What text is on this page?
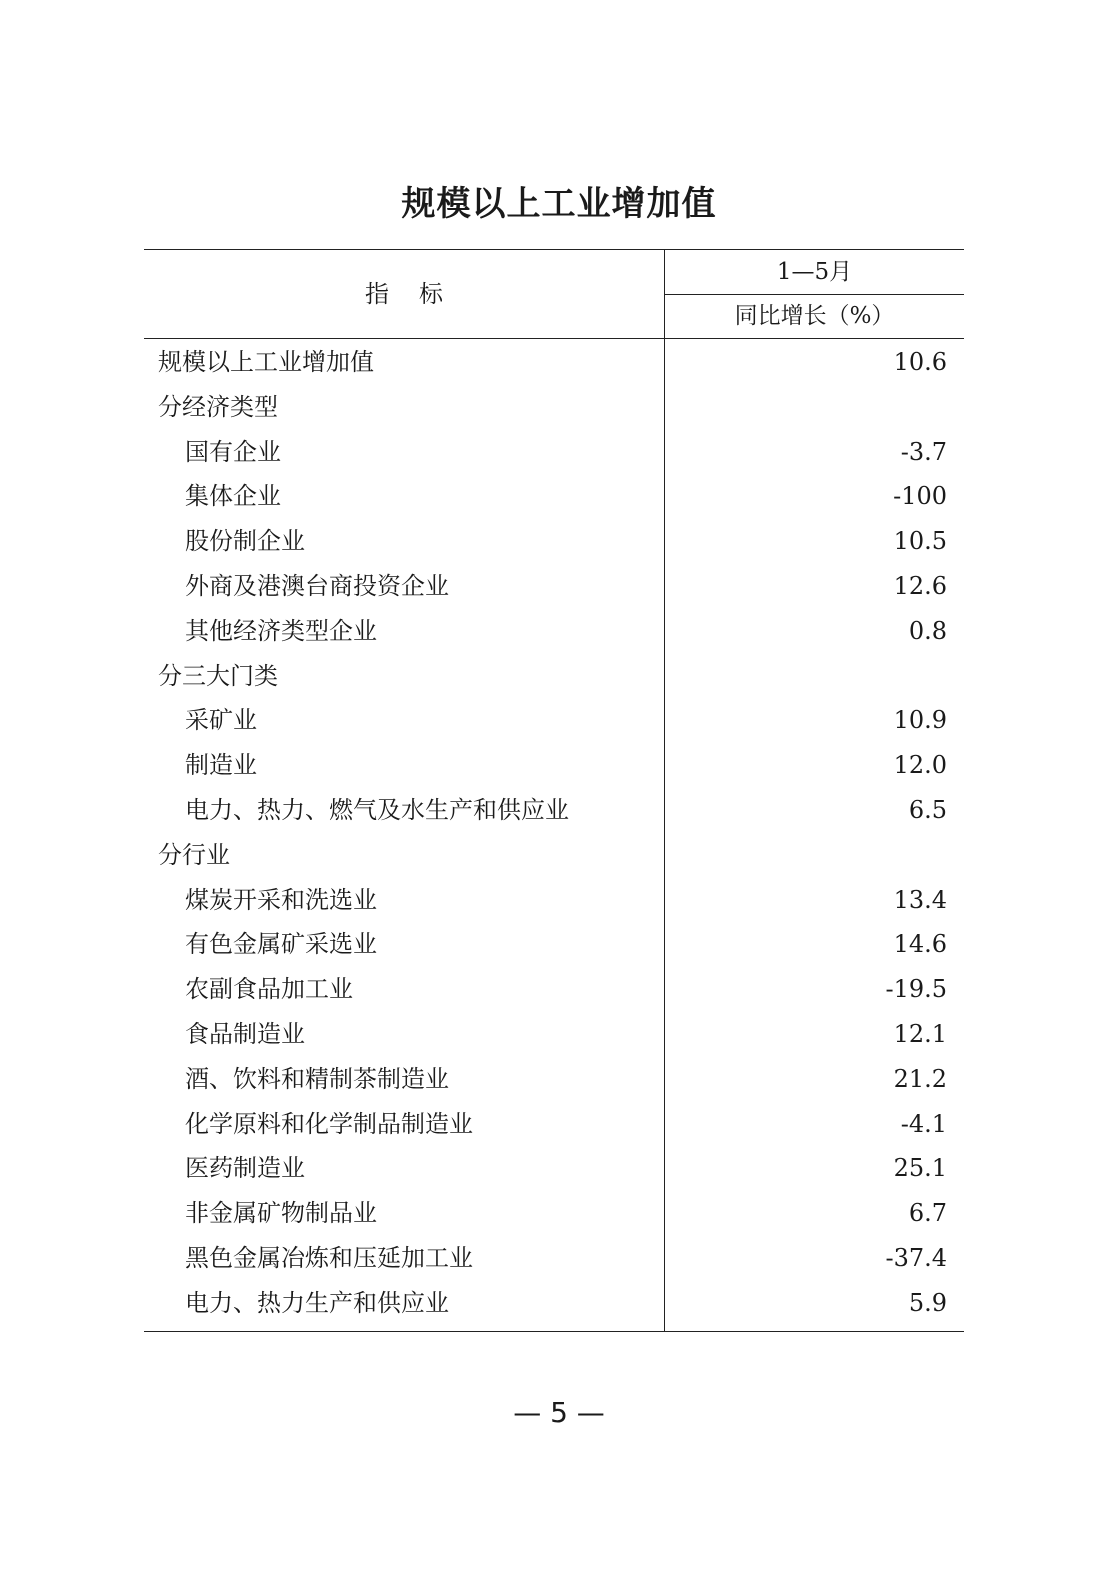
规模以上工业增加值
指标
1—5月
同比增长（%）
规模以上工业增加值	10.6
分经济类型
国有企业	-3.7
集体企业	-100
股份制企业	10.5
外商及港澳台商投资企业	12.6
其他经济类型企业	0.8
分三大门类
采矿业	10.9
制造业	12.0
电力、热力、燃气及水生产和供应业	6.5
分行业
煤炭开采和洗选业	13.4
有色金属矿采选业	14.6
农副食品加工业	-19.5
食品制造业	12.1
酒、饮料和精制茶制造业	21.2
化学原料和化学制品制造业	-4.1
医药制造业	25.1
非金属矿物制品业	6.7
黑色金属冶炼和压延加工业	-37.4
电力、热力生产和供应业	5.9
— 5 —
